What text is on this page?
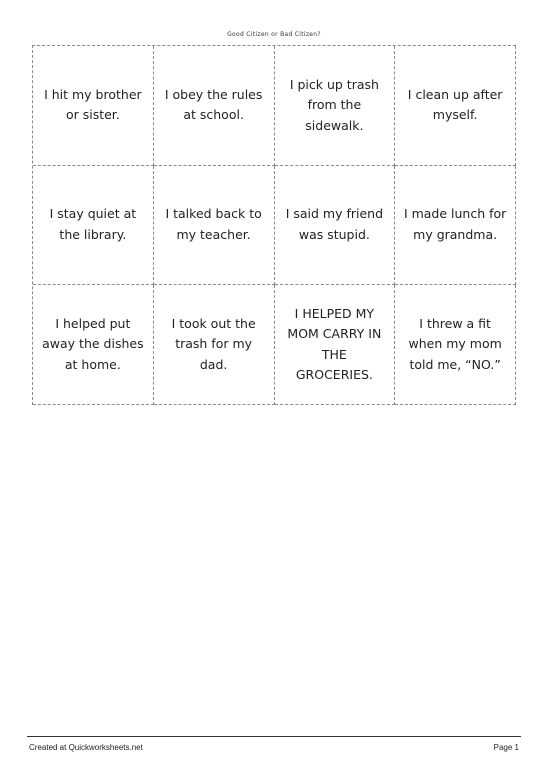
Good Citizen or Bad Citizen?
I hit my brother
or sister.
I obey the rules
at school.
I pick up trash
from the
sidewalk.
I clean up after
myself.
I stay quiet at
the library.
I talked back to
my teacher.
I said my friend
was stupid.
I made lunch for
my grandma.
I helped put
away the dishes
at home.
I took out the
trash for my dad.
I HELPED MY
MOM CARRY IN
THE
GROCERIES.
I threw a fit
when my mom
told me, “NO.”
Created at Quickworksheets.net	Page 1
